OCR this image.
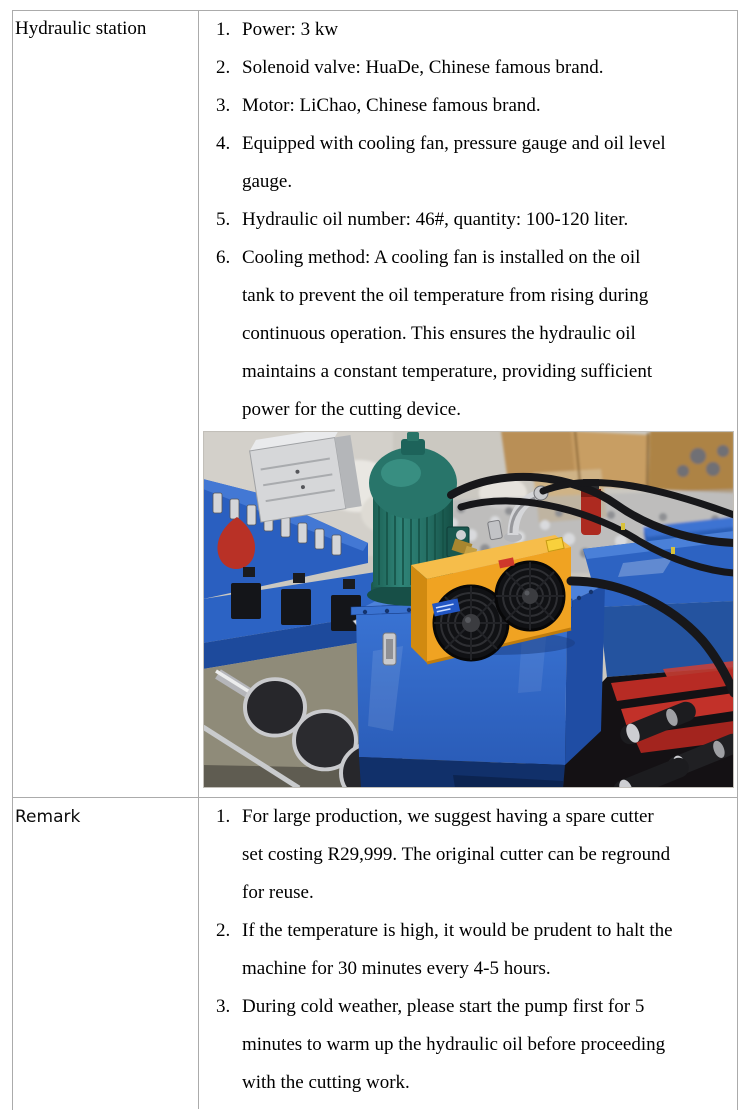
Hydraulic station	1. Power: 3 kw
2. Solenoid valve: HuaDe, Chinese famous brand.
3. Motor: LiChao, Chinese famous brand.
4. Equipped with cooling fan, pressure gauge and oil level
gauge.
5. Hydraulic oil number: 46#, quantity: 100-120 liter.
6. Cooling method: A cooling fan is installed on the oil
tank to prevent the oil temperature from rising during
continuous operation. This ensures the hydraulic oil
maintains a constant temperature, providing sufficient
power for the cutting device.
Remark	1. For large production, we suggest having a spare cutter
set costing R29,999. The original cutter can be reground
for reuse.
2. If the temperature is high, it would be prudent to halt the
machine for 30 minutes every 4-5 hours.
3. During cold weather, please start the pump first for 5
minutes to warm up the hydraulic oil before proceeding
with the cutting work.
